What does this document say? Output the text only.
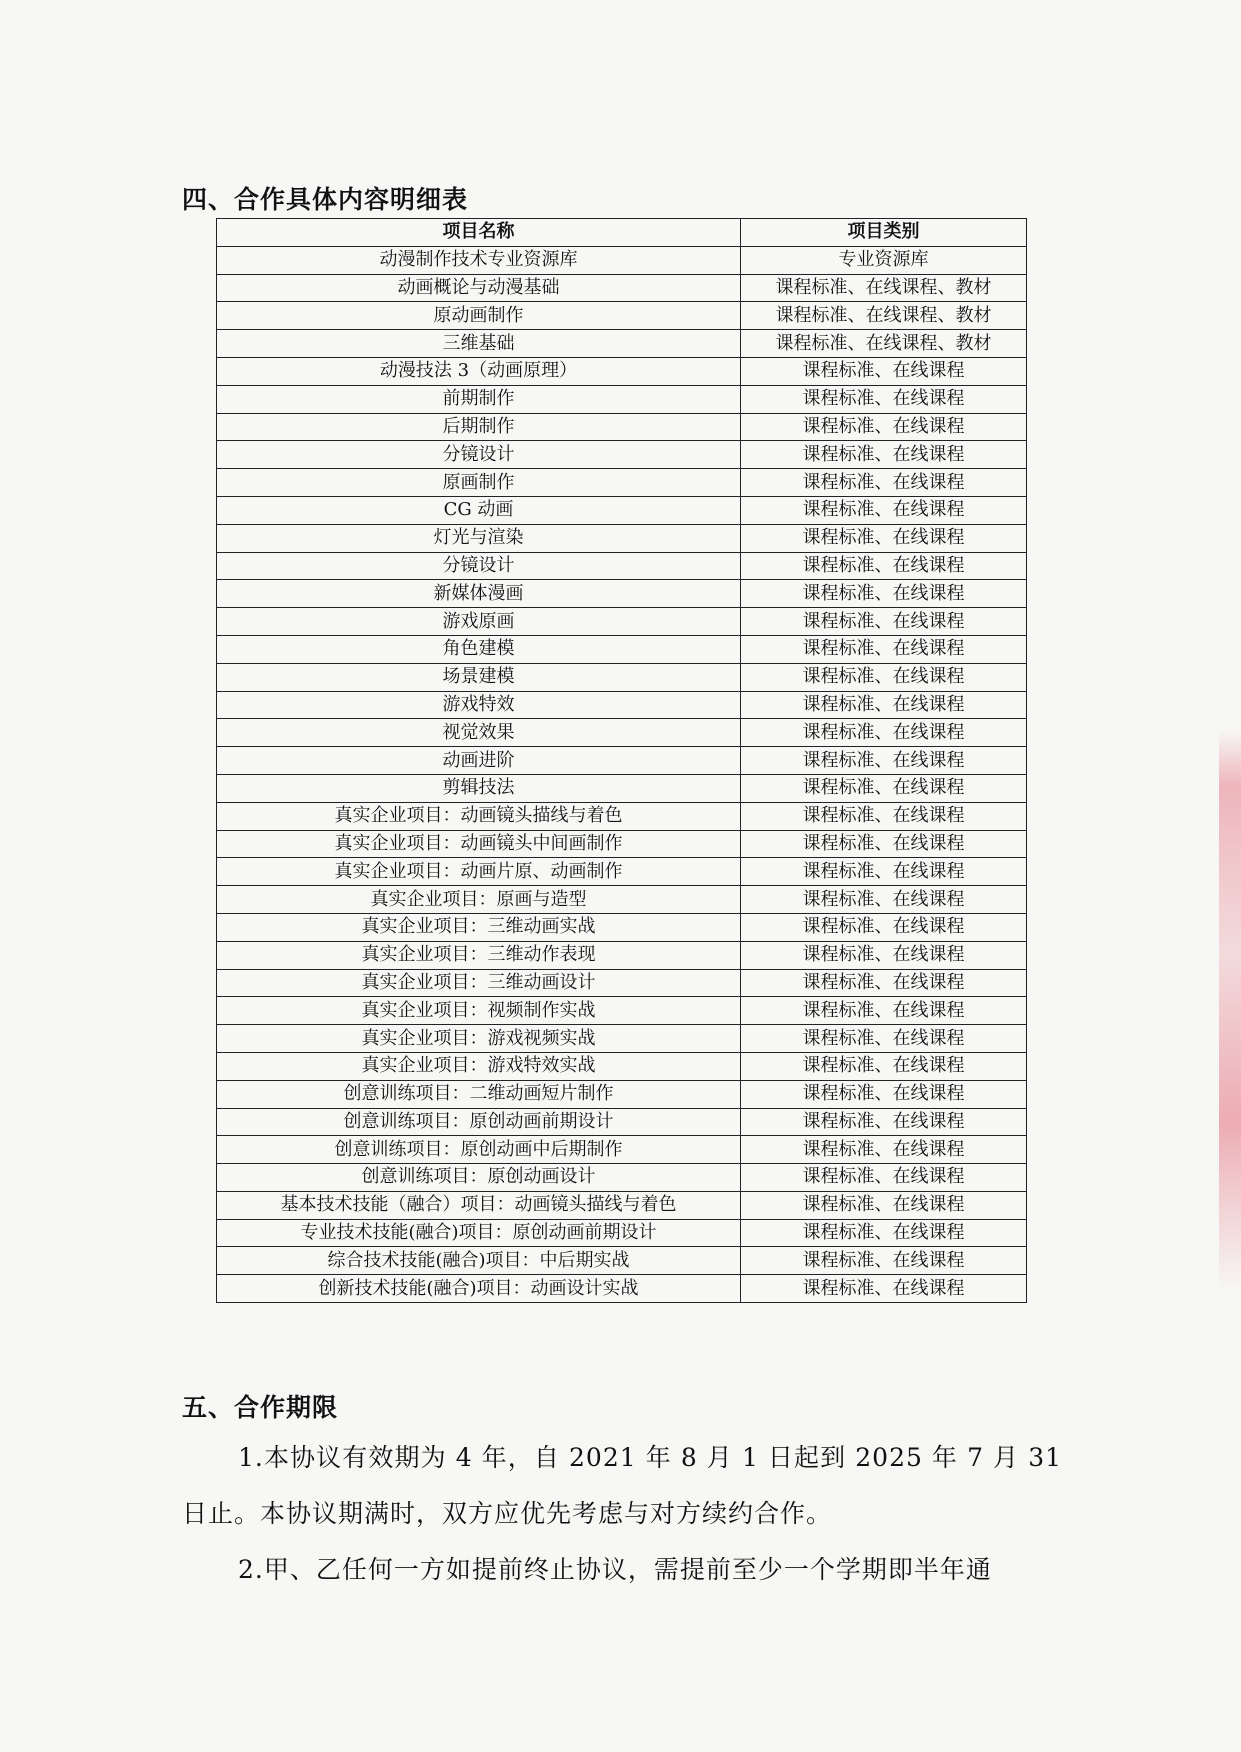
四、合作具体内容明细表
项目名称	项目类别
动漫制作技术专业资源库	专业资源库
动画概论与动漫基础	课程标准、在线课程、教材
原动画制作	课程标准、在线课程、教材
三维基础	课程标准、在线课程、教材
动漫技法 3（动画原理）	课程标准、在线课程
前期制作	课程标准、在线课程
后期制作	课程标准、在线课程
分镜设计	课程标准、在线课程
原画制作	课程标准、在线课程
CG 动画	课程标准、在线课程
灯光与渲染	课程标准、在线课程
分镜设计	课程标准、在线课程
新媒体漫画	课程标准、在线课程
游戏原画	课程标准、在线课程
角色建模	课程标准、在线课程
场景建模	课程标准、在线课程
游戏特效	课程标准、在线课程
视觉效果	课程标准、在线课程
动画进阶	课程标准、在线课程
剪辑技法	课程标准、在线课程
真实企业项目：动画镜头描线与着色	课程标准、在线课程
真实企业项目：动画镜头中间画制作	课程标准、在线课程
真实企业项目：动画片原、动画制作	课程标准、在线课程
真实企业项目：原画与造型	课程标准、在线课程
真实企业项目：三维动画实战	课程标准、在线课程
真实企业项目：三维动作表现	课程标准、在线课程
真实企业项目：三维动画设计	课程标准、在线课程
真实企业项目：视频制作实战	课程标准、在线课程
真实企业项目：游戏视频实战	课程标准、在线课程
真实企业项目：游戏特效实战	课程标准、在线课程
创意训练项目：二维动画短片制作	课程标准、在线课程
创意训练项目：原创动画前期设计	课程标准、在线课程
创意训练项目：原创动画中后期制作	课程标准、在线课程
创意训练项目：原创动画设计	课程标准、在线课程
基本技术技能（融合）项目：动画镜头描线与着色	课程标准、在线课程
专业技术技能(融合)项目：原创动画前期设计	课程标准、在线课程
综合技术技能(融合)项目：中后期实战	课程标准、在线课程
创新技术技能(融合)项目：动画设计实战	课程标准、在线课程
五、合作期限
1.本协议有效期为 4 年，自 2021 年 8 月 1 日起到 2025 年 7 月 31 日止。本协议期满时，双方应优先考虑与对方续约合作。
2.甲、乙任何一方如提前终止协议，需提前至少一个学期即半年通
